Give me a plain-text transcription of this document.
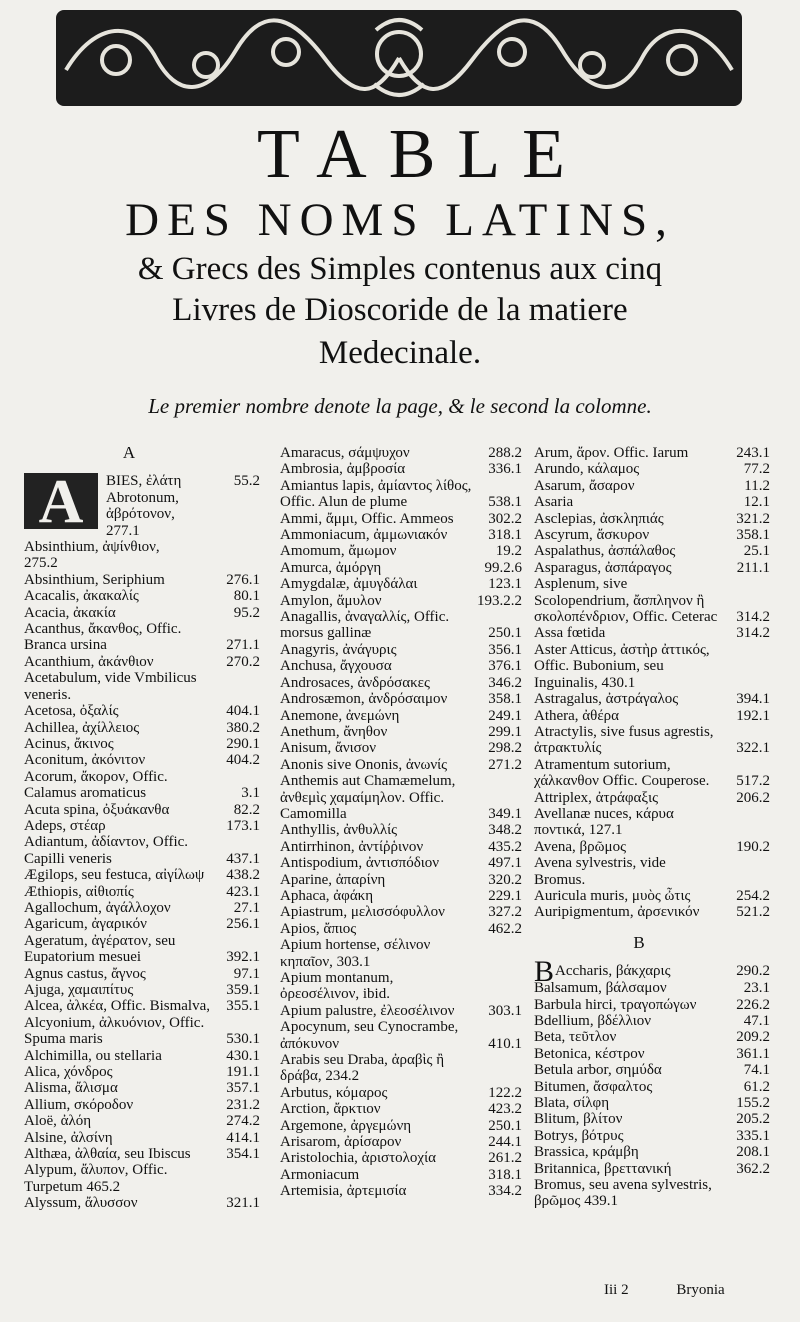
TABLE
DES NOMS LATINS,
& Grecs des Simples contenus aux cinq
Livres de Dioscoride de la matiere
Medecinale.
Le premier nombre denote la page, & le second la colomne.
A
A	BIES, ἐλάτη	55.2
Abrotonum, ἀβρότονον,
277.1
Absinthium, ἀψίνθιον,
275.2
Absinthium, Seriphium	276.1
Acacalis, ἀκακαλίς	80.1
Acacia, ἀκακία	95.2
Acanthus, ἄκανθος, Offic. Branca ursina	271.1
Acanthium, ἀκάνθιον	270.2
Acetabulum, vide Vmbilicus veneris.
Acetosa, ὀξαλίς	404.1
Achillea, ἀχίλλειος	380.2
Acinus, ἄκινος	290.1
Aconitum, ἀκόνιτον	404.2
Acorum, ἄκορον, Offic. Calamus aromaticus	3.1
Acuta spina, ὀξυάκανθα	82.2
Adeps, στέαρ	173.1
Adiantum, ἀδίαντον, Offic. Capilli veneris	437.1
Ægilops, seu festuca, αἰγίλωψ 438.2
Æthiopis, αἰθιοπίς	423.1
Agallochum, ἀγάλλοχον	27.1
Agaricum, ἀγαρικόν	256.1
Ageratum, ἀγέρατον, seu Eupatorium mesuei	392.1
Agnus castus, ἄγνος	97.1
Ajuga, χαμαιπίτυς	359.1
Alcea, ἀλκέα, Offic. Bismalva, 355.1
Alcyonium, ἀλκυόνιον, Offic. Spuma maris	530.1
Alchimilla, ou stellaria	430.1
Alica, χόνδρος	191.1
Alisma, ἄλισμα	357.1
Allium, σκόροδον	231.2
Aloë, ἀλόη	274.2
Alsine, ἀλσίνη	414.1
Althæa, ἀλθαία, seu Ibiscus 354.1
Alypum, ἄλυπον, Offic. Turpetum 465.2
Alyssum, ἄλυσσον	321.1
Amaracus, σάμψυχον	288.2
Ambrosia, ἀμβροσία	336.1
Amiantus lapis, ἀμίαντος λίθος, Offic. Alun de plume	538.1
Ammi, ἄμμι, Offic. Ammeos 302.2
Ammoniacum, ἀμμωνιακόν	318.1
Amomum, ἄμωμον	19.2
Amurca, ἀμόργη	99.2.6
Amygdalæ, ἀμυγδάλαι	123.1
Amylon, ἄμυλον	193.2.2
Anagallis, ἀναγαλλίς, Offic. morsus gallinæ	250.1
Anagyris, ἀνάγυρις	356.1
Anchusa, ἄγχουσα	376.1
Androsaces, ἀνδρόσακες	346.2
Androsæmon, ἀνδρόσαιμον	358.1
Anemone, ἀνεμώνη	249.1
Anethum, ἄνηθον	299.1
Anisum, ἄνισον	298.2
Anonis sive Ononis, ἀνωνίς	271.2
Anthemis aut Chamæmelum, ἀνθεμὶς χαμαίμηλον. Offic. Camomilla	349.1
Anthyllis, ἀνθυλλίς	348.2
Antirrhinon, ἀντίῤῥινον	435.2
Antispodium, ἀντισπόδιον	497.1
Aparine, ἀπαρίνη	320.2
Aphaca, ἀφάκη	229.1
Apiastrum, μελισσόφυλλον	327.2
Apios, ἄπιος	462.2
Apium hortense, σέλινον κηπαῖον, 303.1
Apium montanum, ὀρεοσέλινον, ibid.
Apium palustre, ἐλεοσέλινον 303.1
Apocynum, seu Cynocrambe, ἀπόκυνον	410.1
Arabis seu Draba, ἀραβὶς ἢ δράβα, 234.2
Arbutus, κόμαρος	122.2
Arction, ἄρκτιον	423.2
Argemone, ἀργεμώνη	250.1
Arisarom, ἀρίσαρον	244.1
Aristolochia, ἀριστολοχία	261.2
Armoniacum	318.1
Artemisia, ἀρτεμισία	334.2
Arum, ἄρον. Offic. Iarum	243.1
Arundo, κάλαμος	77.2
Asarum, ἄσαρον	11.2
Asaria	12.1
Asclepias, ἀσκληπιάς	321.2
Ascyrum, ἄσκυρον	358.1
Aspalathus, ἀσπάλαθος	25.1
Asparagus, ἀσπάραγος	211.1
Asplenum, sive Scolopendrium, ἄσπληνον ἢ σκολοπένδριον, Offic. Ceterac 314.2
Assa fœtida	314.2
Aster Atticus, ἀστὴρ ἀττικός, Offic. Bubonium, seu Inguinalis, 430.1
Astragalus, ἀστράγαλος	394.1
Athera, ἀθέρα	192.1
Atractylis, sive fusus agrestis, ἀτρακτυλίς	322.1
Atramentum sutorium, χάλκανθον Offic. Couperose. 517.2
Attriplex, ἀτράφαξις	206.2
Avellanæ nuces, κάρυα ποντικά, 127.1
Avena, βρῶμος	190.2
Avena sylvestris, vide Bromus.
Auricula muris, μυὸς ὦτις	254.2
Auripigmentum, ἀρσενικόν 521.2
B
BAccharis, βάκχαρις	290.2
Balsamum, βάλσαμον	23.1
Barbula hirci, τραγοπώγων	226.2
Bdellium, βδέλλιον	47.1
Beta, τεῦτλον	209.2
Betonica, κέστρον	361.1
Betula arbor, σημύδα	74.1
Bitumen, ἄσφαλτος	61.2
Blata, σίλφη	155.2
Blitum, βλίτον	205.2
Botrys, βότρυς	335.1
Brassica, κράμβη	208.1
Britannica, βρεττανική	362.2
Bromus, seu avena sylvestris, βρῶμος 439.1
Iii 2	Bryonia
